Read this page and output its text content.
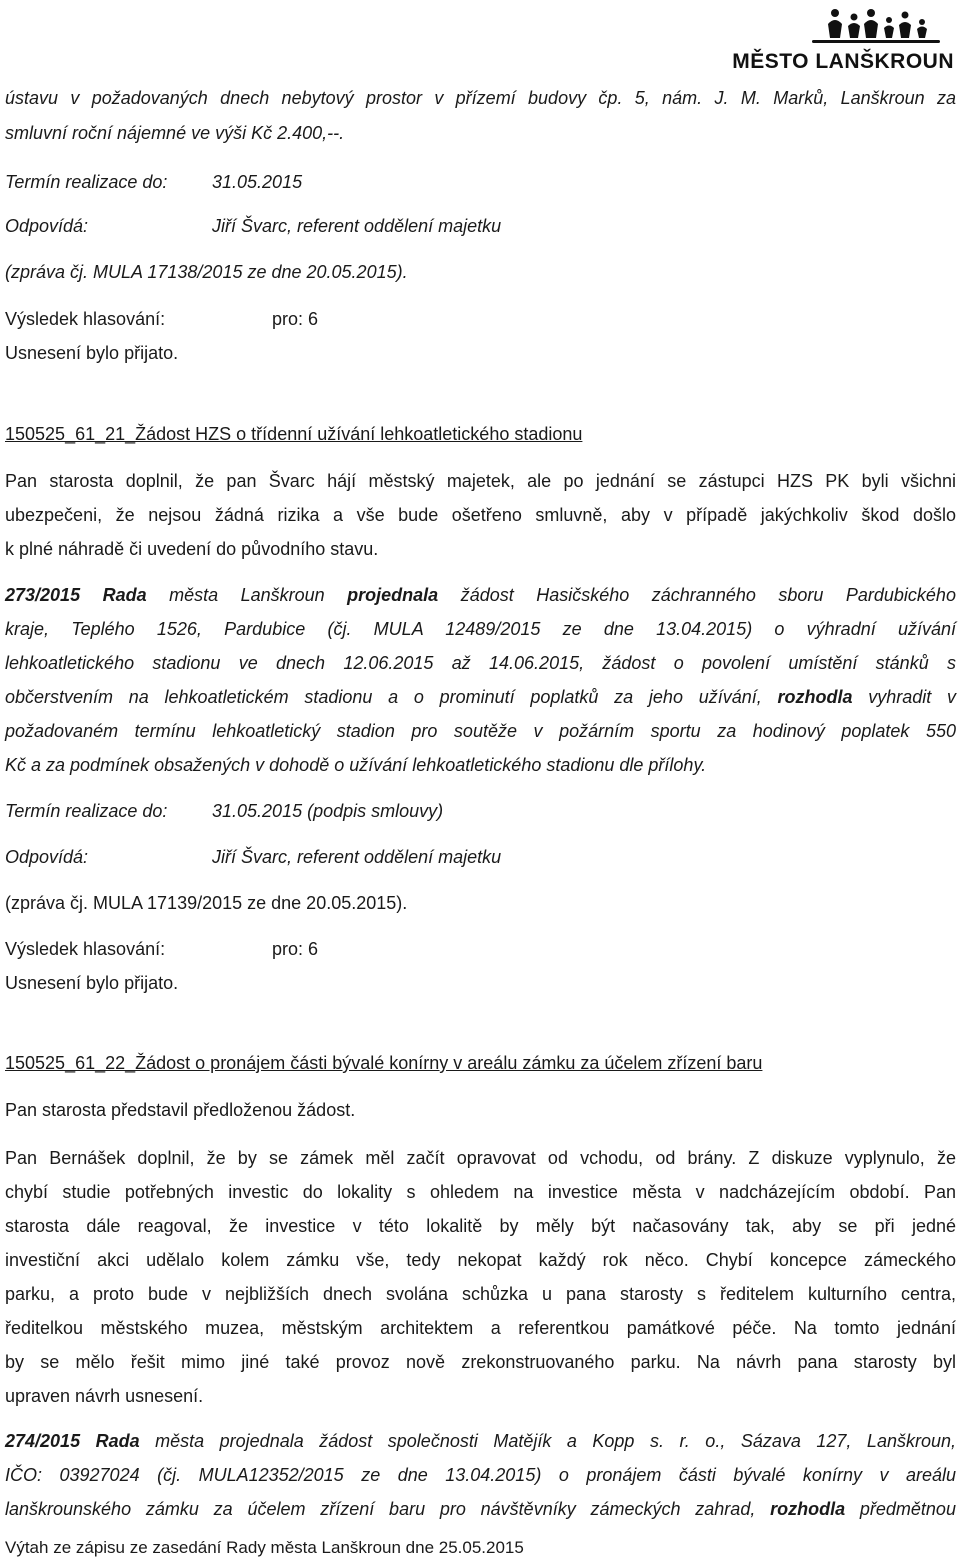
MĚSTO LANŠKROUN
ústavu v požadovaných dnech nebytový prostor v přízemí budovy čp. 5, nám. J. M. Marků, Lanškroun za
smluvní roční nájemné ve výši Kč 2.400,--.
Termín realizace do: 31.05.2015
Odpovídá:	Jiří Švarc, referent oddělení majetku
(zpráva čj. MULA 17138/2015 ze dne 20.05.2015).
Výsledek hlasování:	pro: 6
Usnesení bylo přijato.
150525_61_21_Žádost HZS o třídenní užívání lehkoatletického stadionu
Pan starosta doplnil, že pan Švarc hájí městský majetek, ale po jednání se zástupci HZS PK byli všichni
ubezpečeni, že nejsou žádná rizika a vše bude ošetřeno smluvně, aby v případě jakýchkoliv škod došlo
k plné náhradě či uvedení do původního stavu.
273/2015 Rada města Lanškroun projednala žádost Hasičského záchranného sboru Pardubického
kraje, Teplého 1526, Pardubice (čj. MULA 12489/2015 ze dne 13.04.2015) o výhradní užívání
lehkoatletického stadionu ve dnech 12.06.2015 až 14.06.2015, žádost o povolení umístění stánků s
občerstvením na lehkoatletickém stadionu a o prominutí poplatků za jeho užívání, rozhodla vyhradit v
požadovaném termínu lehkoatletický stadion pro soutěže v požárním sportu za hodinový poplatek 550
Kč a za podmínek obsažených v dohodě o užívání lehkoatletického stadionu dle přílohy.
Termín realizace do: 31.05.2015 (podpis smlouvy)
Odpovídá:	Jiří Švarc, referent oddělení majetku
(zpráva čj. MULA 17139/2015 ze dne 20.05.2015).
Výsledek hlasování:	pro: 6
Usnesení bylo přijato.
150525_61_22_Žádost o pronájem části bývalé konírny v areálu zámku za účelem zřízení baru
Pan starosta představil předloženou žádost.
Pan Bernášek doplnil, že by se zámek měl začít opravovat od vchodu, od brány. Z diskuze vyplynulo, že
chybí studie potřebných investic do lokality s ohledem na investice města v nadcházejícím období. Pan
starosta dále reagoval, že investice v této lokalitě by měly být načasovány tak, aby se při jedné
investiční akci udělalo kolem zámku vše, tedy nekopat každý rok něco. Chybí koncepce zámeckého
parku, a proto bude v nejbližších dnech svolána schůzka u pana starosty s ředitelem kulturního centra,
ředitelkou městského muzea, městským architektem a referentkou památkové péče. Na tomto jednání
by se mělo řešit mimo jiné také provoz nově zrekonstruovaného parku. Na návrh pana starosty byl
upraven návrh usnesení.
274/2015 Rada města projednala žádost společnosti Matějík a Kopp s. r. o., Sázava 127, Lanškroun,
IČO: 03927024 (čj. MULA12352/2015 ze dne 13.04.2015) o pronájem části bývalé konírny v areálu
lanškrounského zámku za účelem zřízení baru pro návštěvníky zámeckých zahrad, rozhodla předmětnou
Výtah ze zápisu ze zasedání Rady města Lanškroun dne 25.05.2015
